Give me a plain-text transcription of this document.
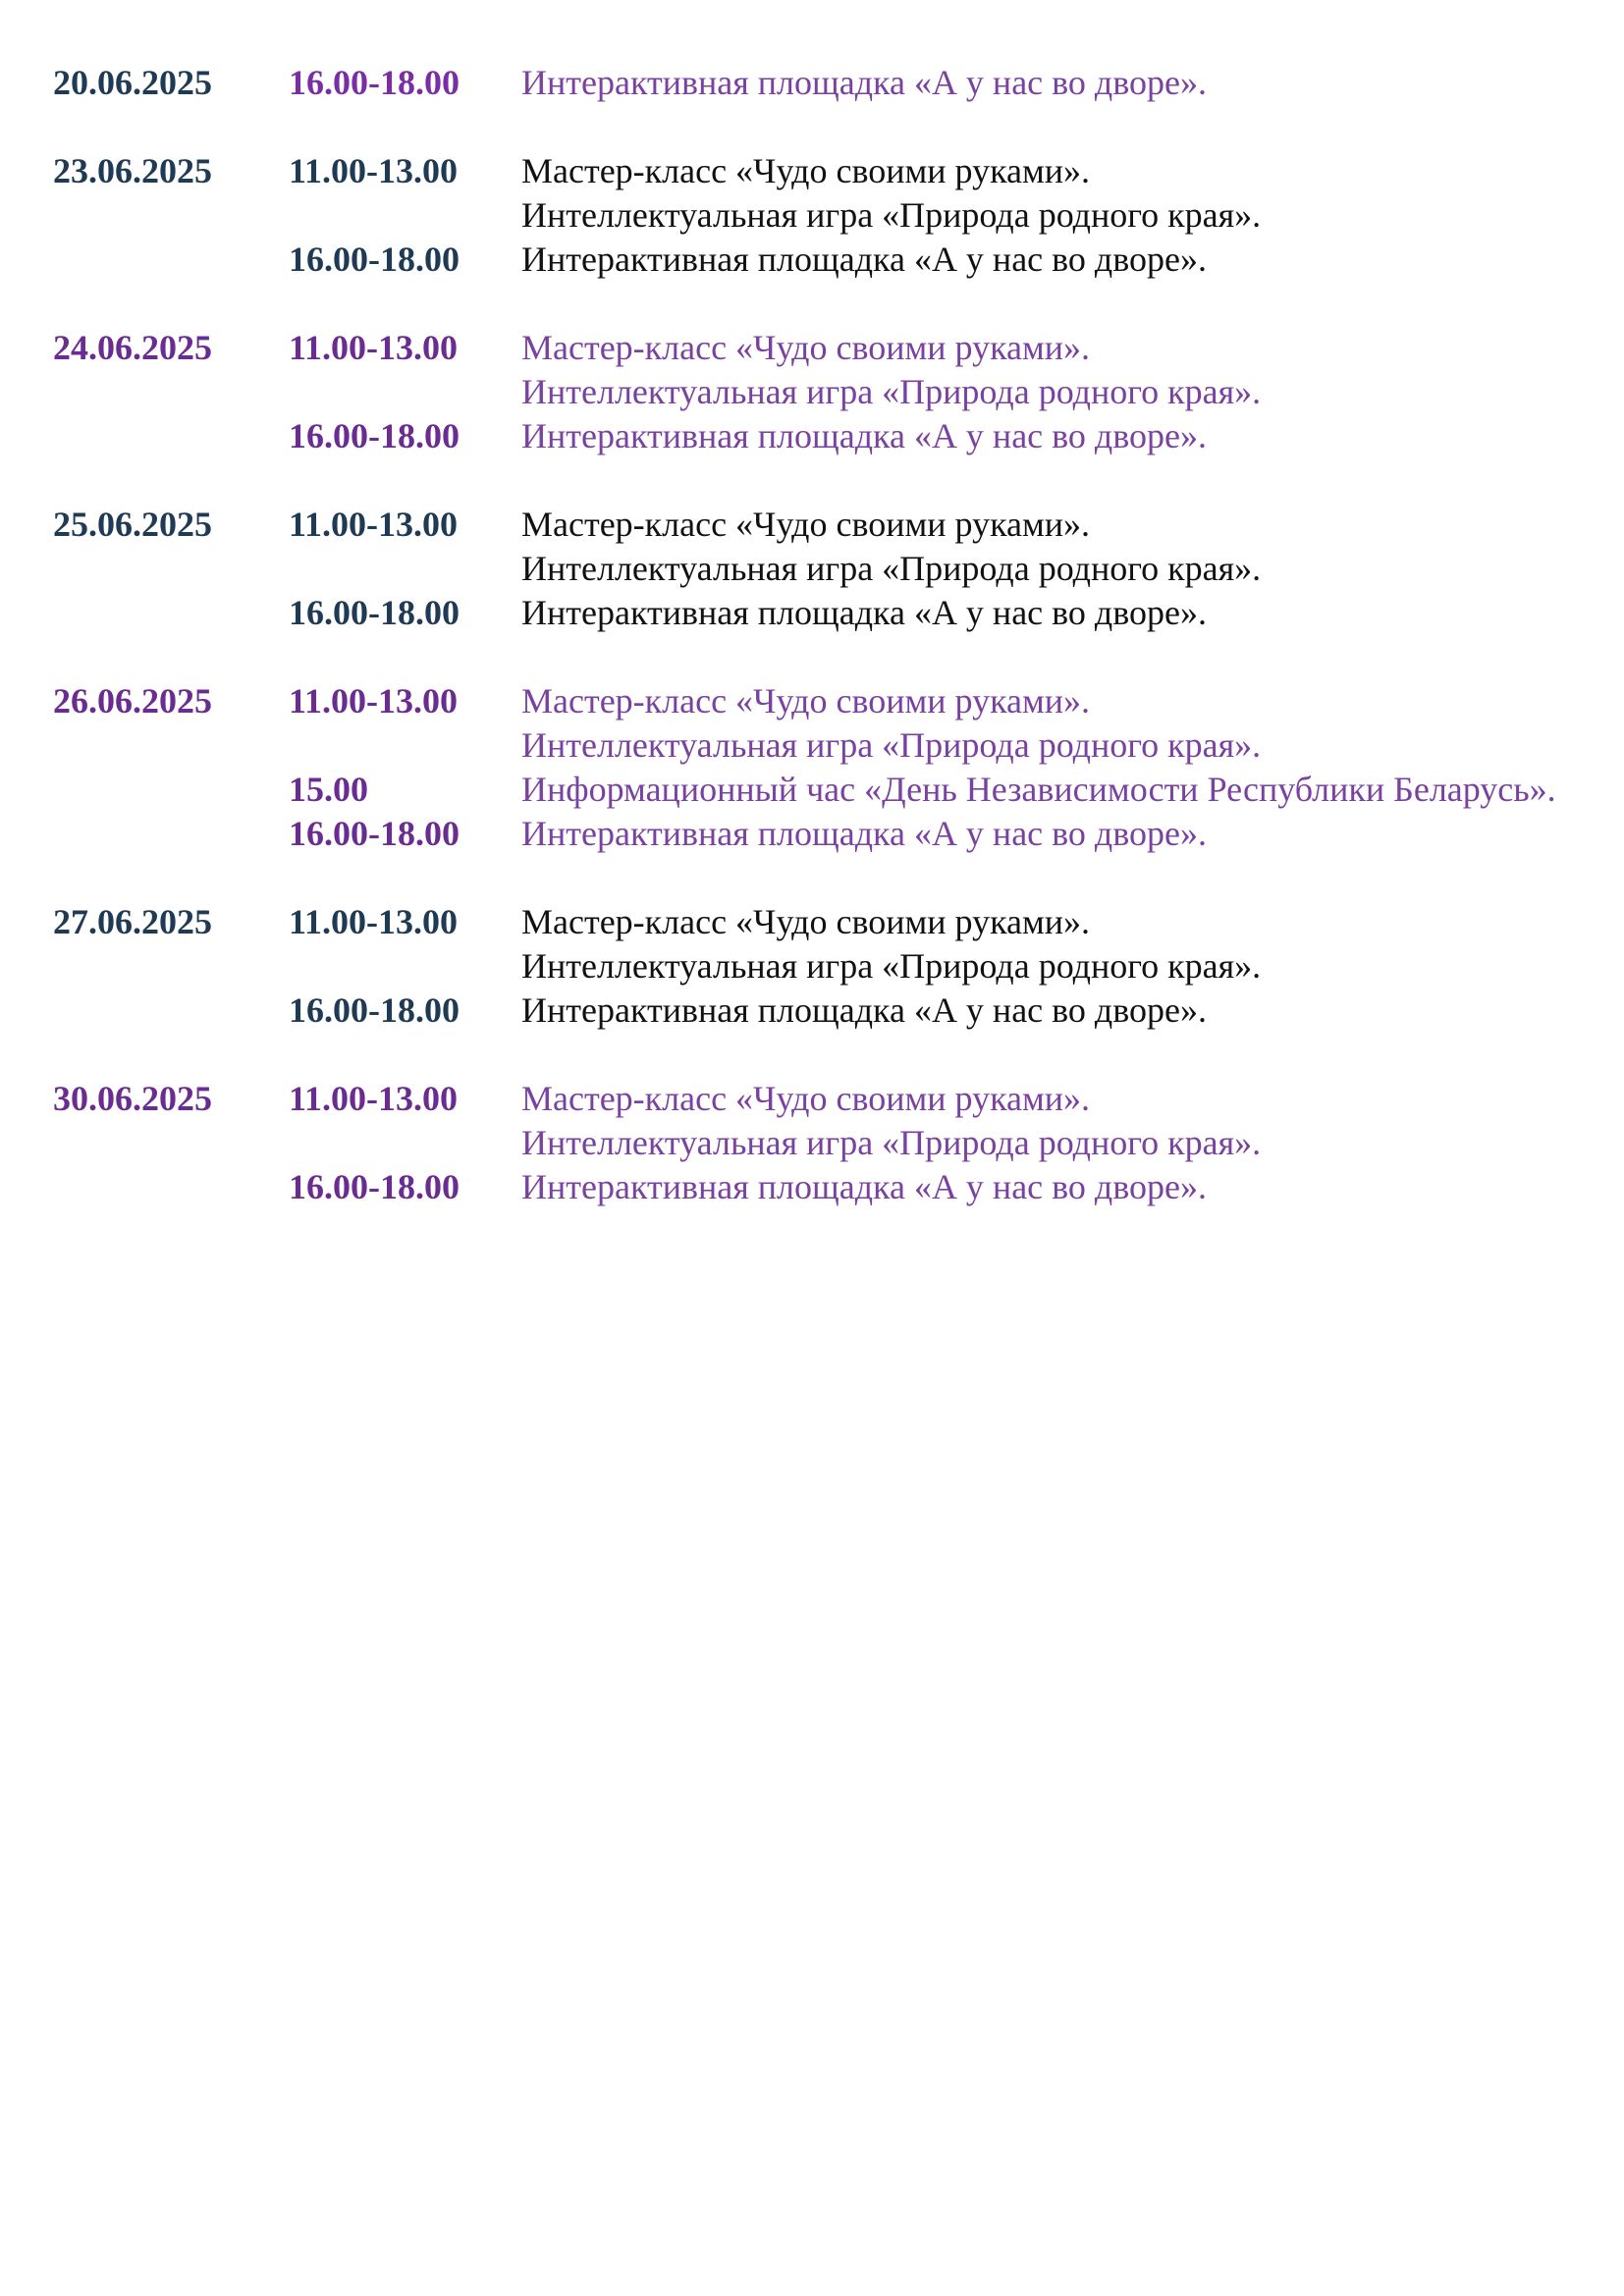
20.06.2025	16.00-18.00	Интерактивная площадка «А у нас во дворе».
23.06.2025	11.00-13.00	Мастер-класс «Чудо своими руками».
Интеллектуальная игра «Природа родного края».
16.00-18.00	Интерактивная площадка «А у нас во дворе».
24.06.2025	11.00-13.00	Мастер-класс «Чудо своими руками».
Интеллектуальная игра «Природа родного края».
16.00-18.00	Интерактивная площадка «А у нас во дворе».
25.06.2025	11.00-13.00	Мастер-класс «Чудо своими руками».
Интеллектуальная игра «Природа родного края».
16.00-18.00	Интерактивная площадка «А у нас во дворе».
26.06.2025	11.00-13.00	Мастер-класс «Чудо своими руками».
Интеллектуальная игра «Природа родного края».
15.00	Информационный час «День Независимости Республики Беларусь».
16.00-18.00	Интерактивная площадка «А у нас во дворе».
27.06.2025	11.00-13.00	Мастер-класс «Чудо своими руками».
Интеллектуальная игра «Природа родного края».
16.00-18.00	Интерактивная площадка «А у нас во дворе».
30.06.2025	11.00-13.00	Мастер-класс «Чудо своими руками».
Интеллектуальная игра «Природа родного края».
16.00-18.00	Интерактивная площадка «А у нас во дворе».
